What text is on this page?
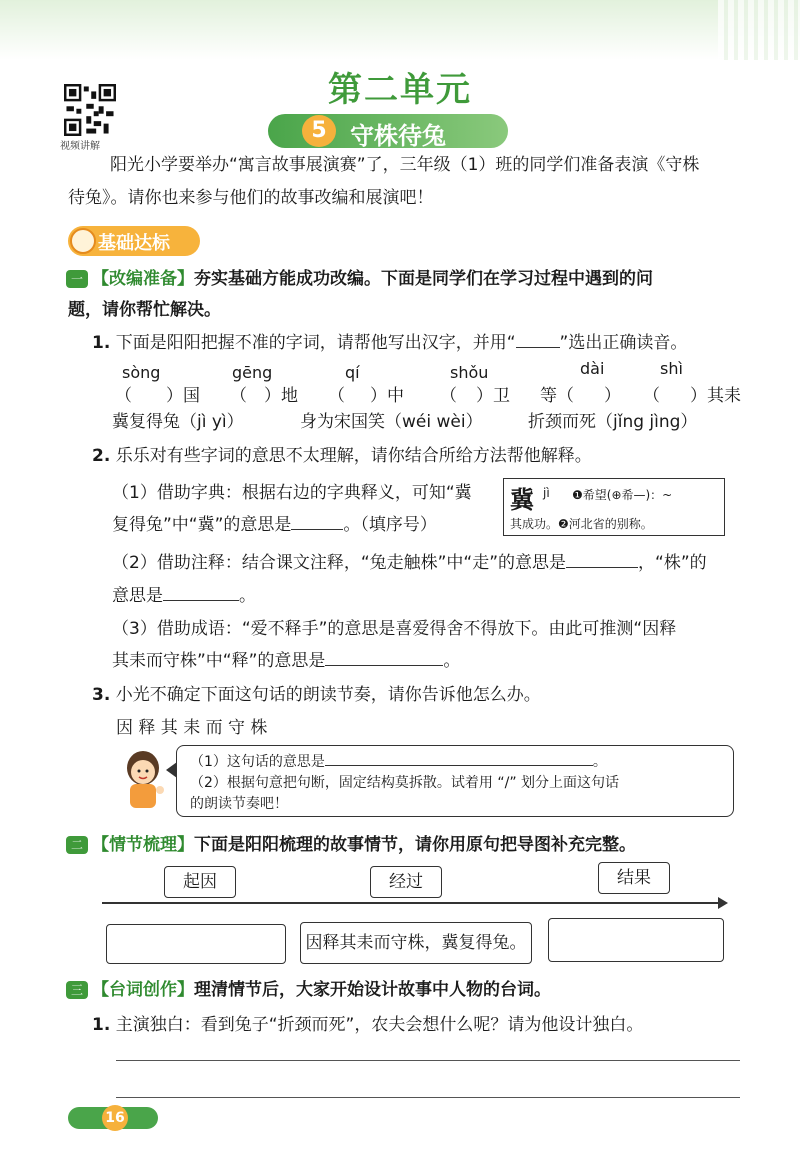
视频讲解
第二单元
5 守株待兔
阳光小学要举办“寓言故事展演赛”了，三年级（1）班的同学们准备表演《守株
待兔》。请你也来参与他们的故事改编和展演吧！
基础达标
一 【改编准备】夯实基础方能成功改编。下面是同学们在学习过程中遇到的问
题，请你帮忙解决。
1. 下面是阳阳把握不准的字词，请帮他写出汉字，并用“	”选出正确读音。
sòng	gēng	qí	shǒu	dài	shì
（ ）国 （ ）地 （ ）中 （ ）卫 等（ ） （ ）其耒
冀复得兔（jì yì）	身为宋国笑（wéi wèi）	折颈而死（jǐng jìng）
2. 乐乐对有些字词的意思不太理解，请你结合所给方法帮他解释。
（1）借助字典：根据右边的字典释义，可知“冀
复得兔”中“冀”的意思是	。（填序号）
冀 jì ❶希望(⊕希—)：~
其成功。❷河北省的别称。
（2）借助注释：结合课文注释，“兔走触株”中“走”的意思是	，“株”的
意思是	。
（3）借助成语：“爱不释手”的意思是喜爱得舍不得放下。由此可推测“因释
其耒而守株”中“释”的意思是	。
3. 小光不确定下面这句话的朗读节奏，请你告诉他怎么办。
因 释 其 耒 而 守 株
（1）这句话的意思是	。
（2）根据句意把句断，固定结构莫拆散。试着用 “/” 划分上面这句话
的朗读节奏吧！
二 【情节梳理】下面是阳阳梳理的故事情节，请你用原句把导图补充完整。
起因	经过	结果
因释其耒而守株，冀复得兔。
三 【台词创作】理清情节后，大家开始设计故事中人物的台词。
1. 主演独白：看到兔子“折颈而死”，农夫会想什么呢？请为他设计独白。
16
